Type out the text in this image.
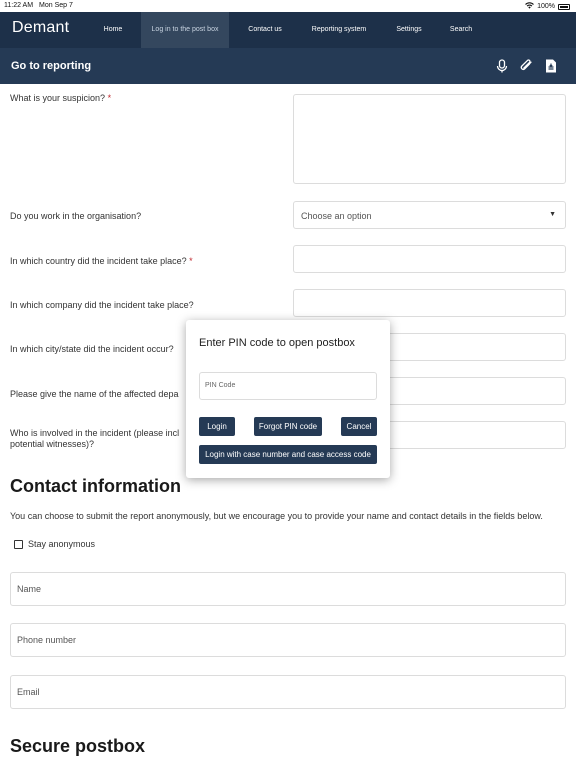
11:22 AM Mon Sep 7	100%
Demant	Home	Log in to the post box	Contact us	Reporting system	Settings	Search
Go to reporting
What is your suspicion? *
Do you work in the organisation?	Choose an option	▼
In which country did the incident take place? *
In which company did the incident take place?
In which city/state did the incident occur?
Please give the name of the affected depa
Who is involved in the incident (please incl
potential witnesses)?
Contact information
You can choose to submit the report anonymously, but we encourage you to provide your name and contact details in the fields below.
Stay anonymous
Name
Phone number
Email
Secure postbox
Enter PIN code to open postbox
PIN Code
Login	Forgot PIN code	Cancel
Login with case number and case access code
